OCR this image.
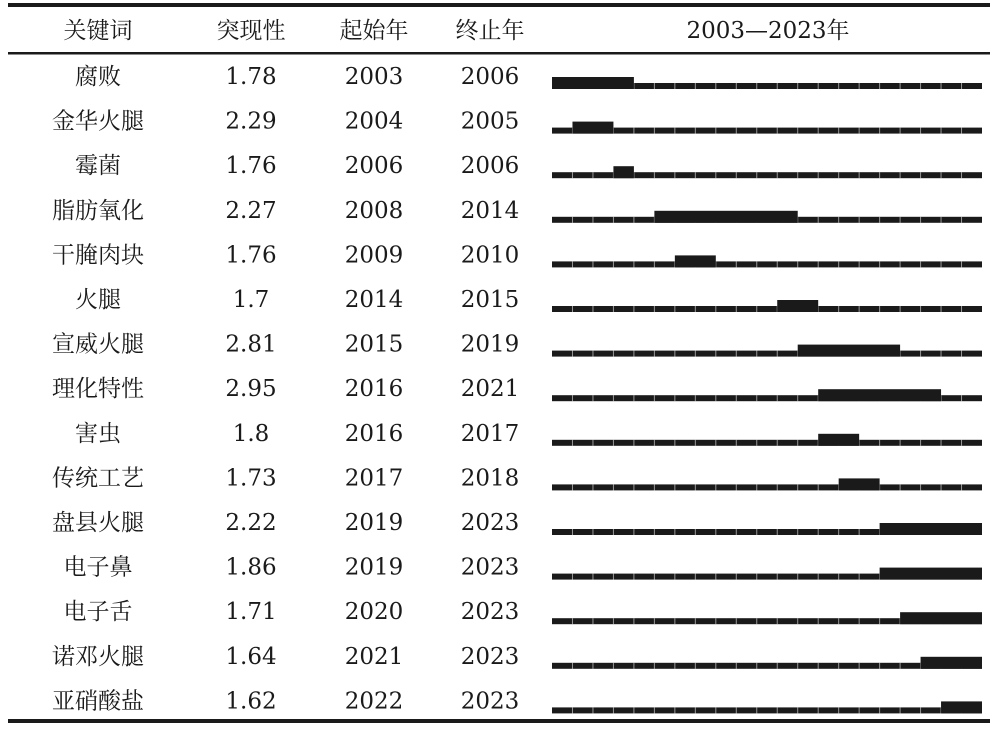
关键词	突现性 起始年 终止年	2003—2023年
腐败	1.78	2003 2006
金华火腿	2.29	2004 2005
霉菌	1.76	2006 2006
脂肪氧化	2.27	2008 2014
干腌肉块	1.76	2009 2010
火腿	1.7	2014 2015
宣威火腿	2.81	2015 2019
理化特性	2.95	2016 2021
害虫	1.8	2016 2017
传统工艺	1.73	2017 2018
盘县火腿	2.22	2019 2023
电子鼻	1.86	2019 2023
电子舌	1.71	2020 2023
诺邓火腿	1.64	2021 2023
亚硝酸盐	1.62	2022 2023
